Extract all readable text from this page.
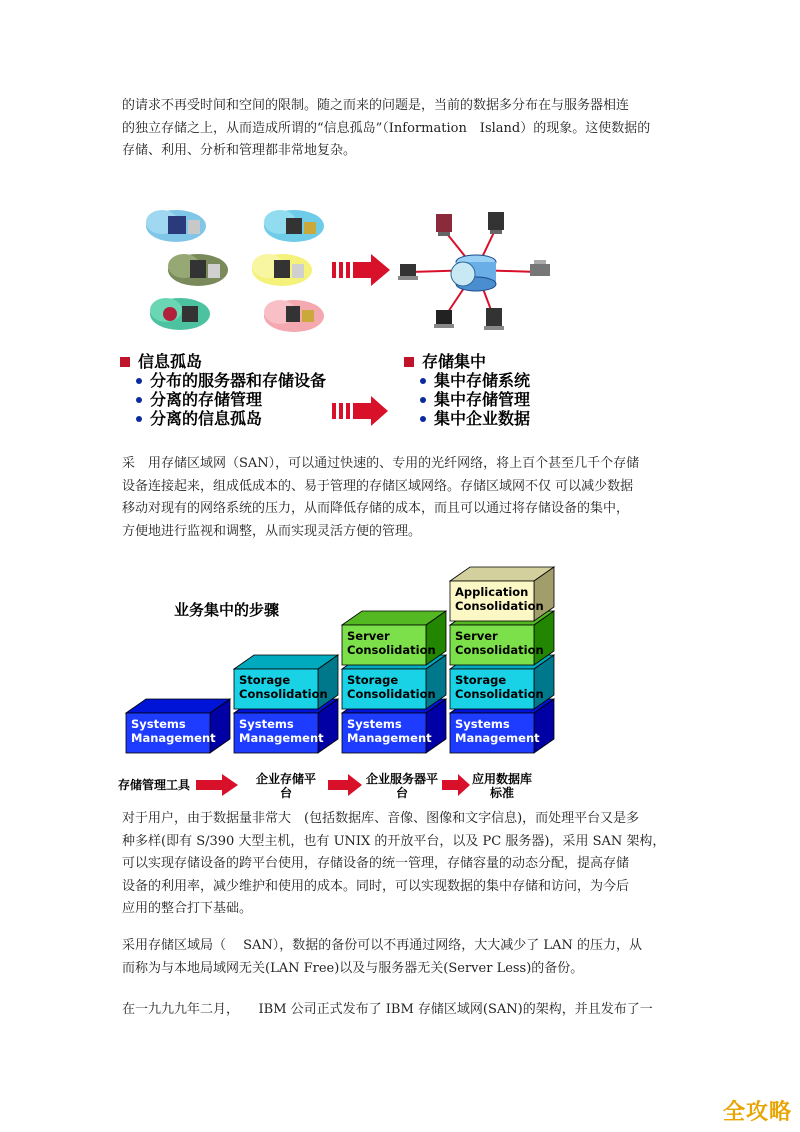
的请求不再受时间和空间的限制。随之而来的问题是，当前的数据多分布在与服务器相连
的独立存储之上，从而造成所谓的“信息孤岛”（Information　Island）的现象。这使数据的
存储、利用、分析和管理都非常地复杂。
信息孤岛
分布的服务器和存储设备
分离的存储管理
分离的信息孤岛
存储集中
集中存储系统
集中存储管理
集中企业数据
采　用存储区域网（SAN），可以通过快速的、专用的光纤网络，将上百个甚至几千个存储
设备连接起来，组成低成本的、易于管理的存储区域网络。存储区域网不仅 可以减少数据
移动对现有的网络系统的压力，从而降低存储的成本，而且可以通过将存储设备的集中，
方便地进行监视和调整，从而实现灵活方便的管理。
业务集中的步骤
Systems
Management
Systems
Management
Storage
Consolidation
Systems
Management
Storage
Consolidation
Server
Consolidation
Systems
Management
Storage
Consolidation
Server
Consolidation
Application
Consolidation
存储管理工具	企业存储平台
企业服务器平台
应用数据库标准
对于用户，由于数据量非常大　(包括数据库、音像、图像和文字信息)，而处理平台又是多
种多样(即有 S/390 大型主机，也有 UNIX 的开放平台，以及 PC 服务器)，采用 SAN 架构，
可以实现存储设备的跨平台使用，存储设备的统一管理，存储容量的动态分配，提高存储
设备的利用率，减少维护和使用的成本。同时，可以实现数据的集中存储和访问，为今后
应用的整合打下基础。
采用存储区域局（　 SAN），数据的备份可以不再通过网络，大大减少了 LAN 的压力，从
而称为与本地局域网无关(LAN Free)以及与服务器无关(Server Less)的备份。
在一九九九年二月，　　IBM 公司正式发布了 IBM 存储区域网(SAN)的架构，并且发布了一
全攻略
